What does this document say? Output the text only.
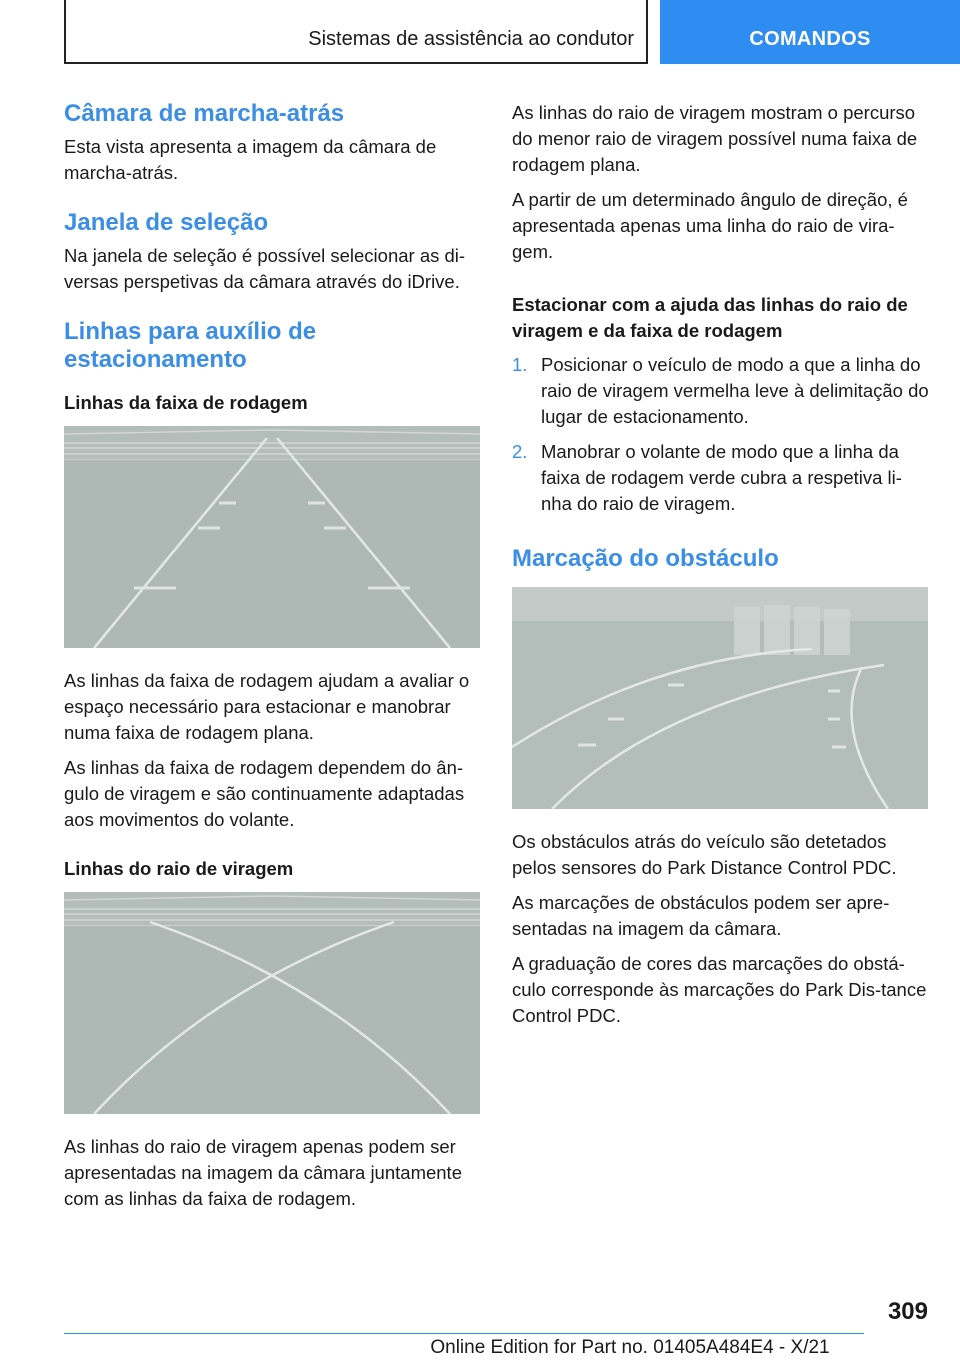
Sistemas de assistência ao condutor	COMANDOS
Câmara de marcha-atrás

Esta vista apresenta a imagem da câmara de marcha-atrás.

Janela de seleção

Na janela de seleção é possível selecionar as di-versas perspetivas da câmara através do iDrive.

Linhas para auxílio de estacionamento
Linhas da faixa de rodagem

As linhas da faixa de rodagem ajudam a avaliar o espaço necessário para estacionar e manobrar numa faixa de rodagem plana.

As linhas da faixa de rodagem dependem do ân-gulo de viragem e são continuamente adaptadas aos movimentos do volante.

Linhas do raio de viragem

As linhas do raio de viragem apenas podem ser apresentadas na imagem da câmara juntamente com as linhas da faixa de rodagem.

As linhas do raio de viragem mostram o percurso do menor raio de viragem possível numa faixa de rodagem plana.

A partir de um determinado ângulo de direção, é apresentada apenas uma linha do raio de vira-gem.

Estacionar com a ajuda das linhas do raio de viragem e da faixa de rodagem
1. Posicionar o veículo de modo a que a linha do raio de viragem vermelha leve à delimitação do lugar de estacionamento.
2. Manobrar o volante de modo que a linha da faixa de rodagem verde cubra a respetiva li-nha do raio de viragem.
Marcação do obstáculo

Os obstáculos atrás do veículo são detetados pelos sensores do Park Distance Control PDC.

As marcações de obstáculos podem ser apre-sentadas na imagem da câmara.

A graduação de cores das marcações do obstá-culo corresponde às marcações do Park Dis-tance Control PDC.

309
Online Edition for Part no. 01405A484E4 - X/21
